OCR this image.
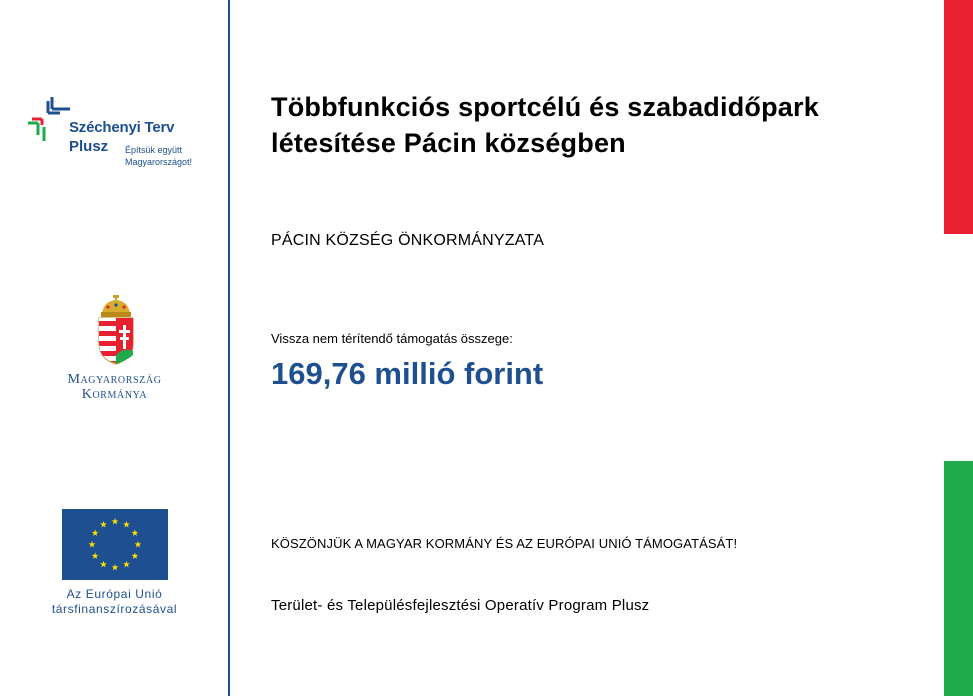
Széchenyi Terv
Plusz Építsük együtt
Magyarországot!
Magyarország
Kormánya
Az Európai Unió
társfinanszírozásával
Többfunkciós sportcélú és szabadidőpark létesítése Pácin községben
PÁCIN KÖZSÉG ÖNKORMÁNYZATA
Vissza nem térítendő támogatás összege:
169,76 millió forint
KÖSZÖNJÜK A MAGYAR KORMÁNY ÉS AZ EURÓPAI UNIÓ TÁMOGATÁSÁT!
Terület- és Településfejlesztési Operatív Program Plusz
